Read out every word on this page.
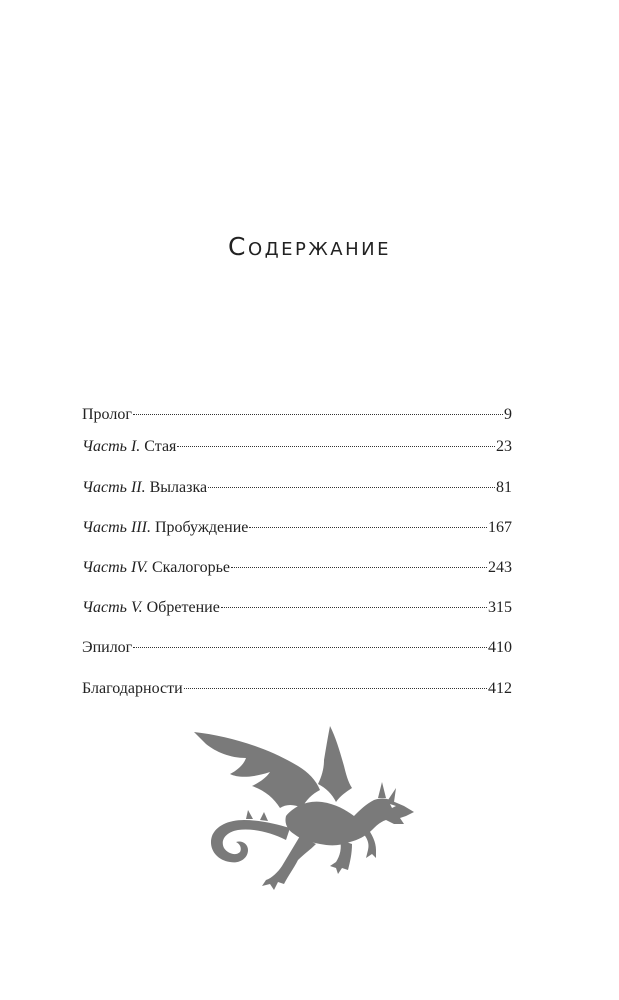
Содержание
Пролог	9
Часть I. Стая	23
Часть II. Вылазка	81
Часть III. Пробуждение	167
Часть IV. Скалогорье	243
Часть V. Обретение	315
Эпилог	410
Благодарности	412
